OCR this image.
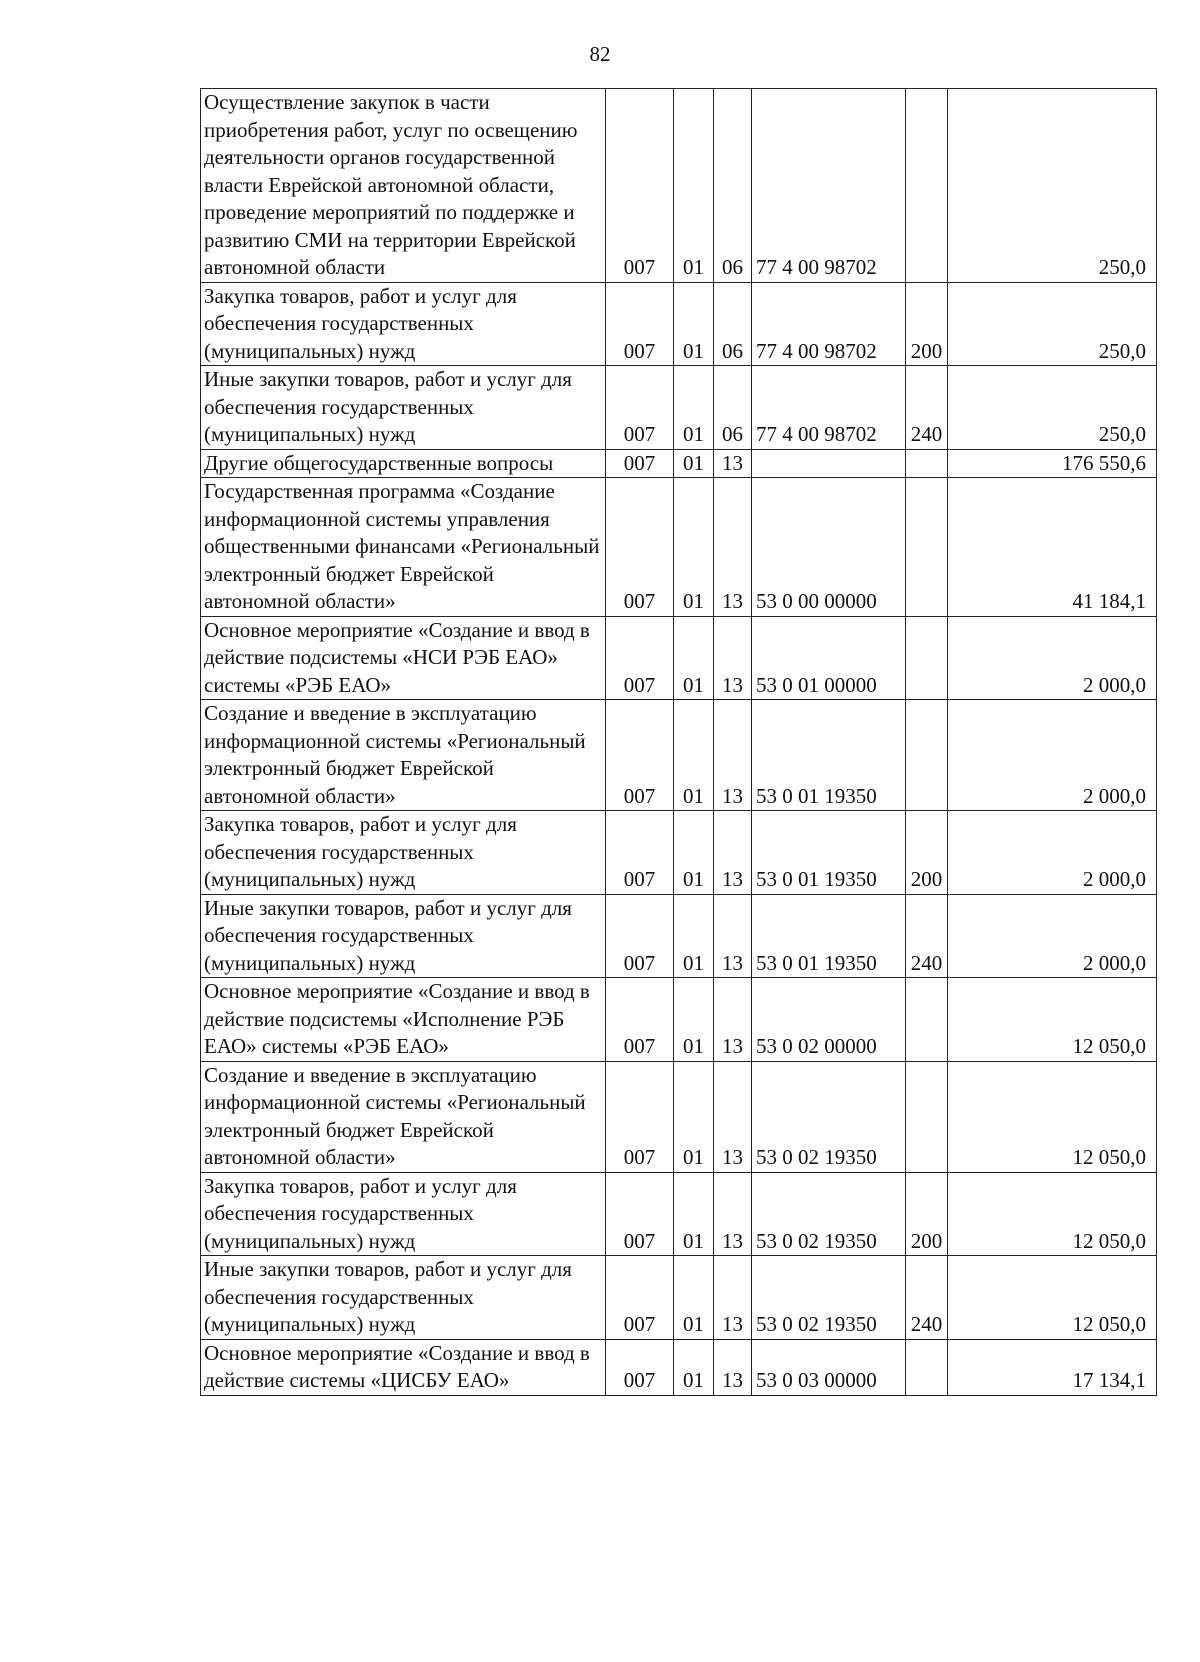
82
Осуществление закупок в части приобретения работ, услуг по освещению деятельности органов государственной власти Еврейской автономной области, проведение мероприятий по поддержке и развитию СМИ на территории Еврейской автономной области	007	01	06	77 4 00 98702		250,0
Закупка товаров, работ и услуг для обеспечения государственных (муниципальных) нужд	007	01	06	77 4 00 98702	200	250,0
Иные закупки товаров, работ и услуг для обеспечения государственных (муниципальных) нужд	007	01	06	77 4 00 98702	240	250,0
Другие общегосударственные вопросы	007	01	13			176 550,6
Государственная программа «Создание информационной системы управления общественными финансами «Региональный электронный бюджет Еврейской автономной области»	007	01	13	53 0 00 00000		41 184,1
Основное мероприятие «Создание и ввод в действие подсистемы «НСИ РЭБ ЕАО» системы «РЭБ ЕАО»	007	01	13	53 0 01 00000		2 000,0
Создание и введение в эксплуатацию информационной системы «Региональный электронный бюджет Еврейской автономной области»	007	01	13	53 0 01 19350		2 000,0
Закупка товаров, работ и услуг для обеспечения государственных (муниципальных) нужд	007	01	13	53 0 01 19350	200	2 000,0
Иные закупки товаров, работ и услуг для обеспечения государственных (муниципальных) нужд	007	01	13	53 0 01 19350	240	2 000,0
Основное мероприятие «Создание и ввод в действие подсистемы «Исполнение РЭБ ЕАО» системы «РЭБ ЕАО»	007	01	13	53 0 02 00000		12 050,0
Создание и введение в эксплуатацию информационной системы «Региональный электронный бюджет Еврейской автономной области»	007	01	13	53 0 02 19350		12 050,0
Закупка товаров, работ и услуг для обеспечения государственных (муниципальных) нужд	007	01	13	53 0 02 19350	200	12 050,0
Иные закупки товаров, работ и услуг для обеспечения государственных (муниципальных) нужд	007	01	13	53 0 02 19350	240	12 050,0
Основное мероприятие «Создание и ввод в действие системы «ЦИСБУ ЕАО»	007	01	13	53 0 03 00000		17 134,1
